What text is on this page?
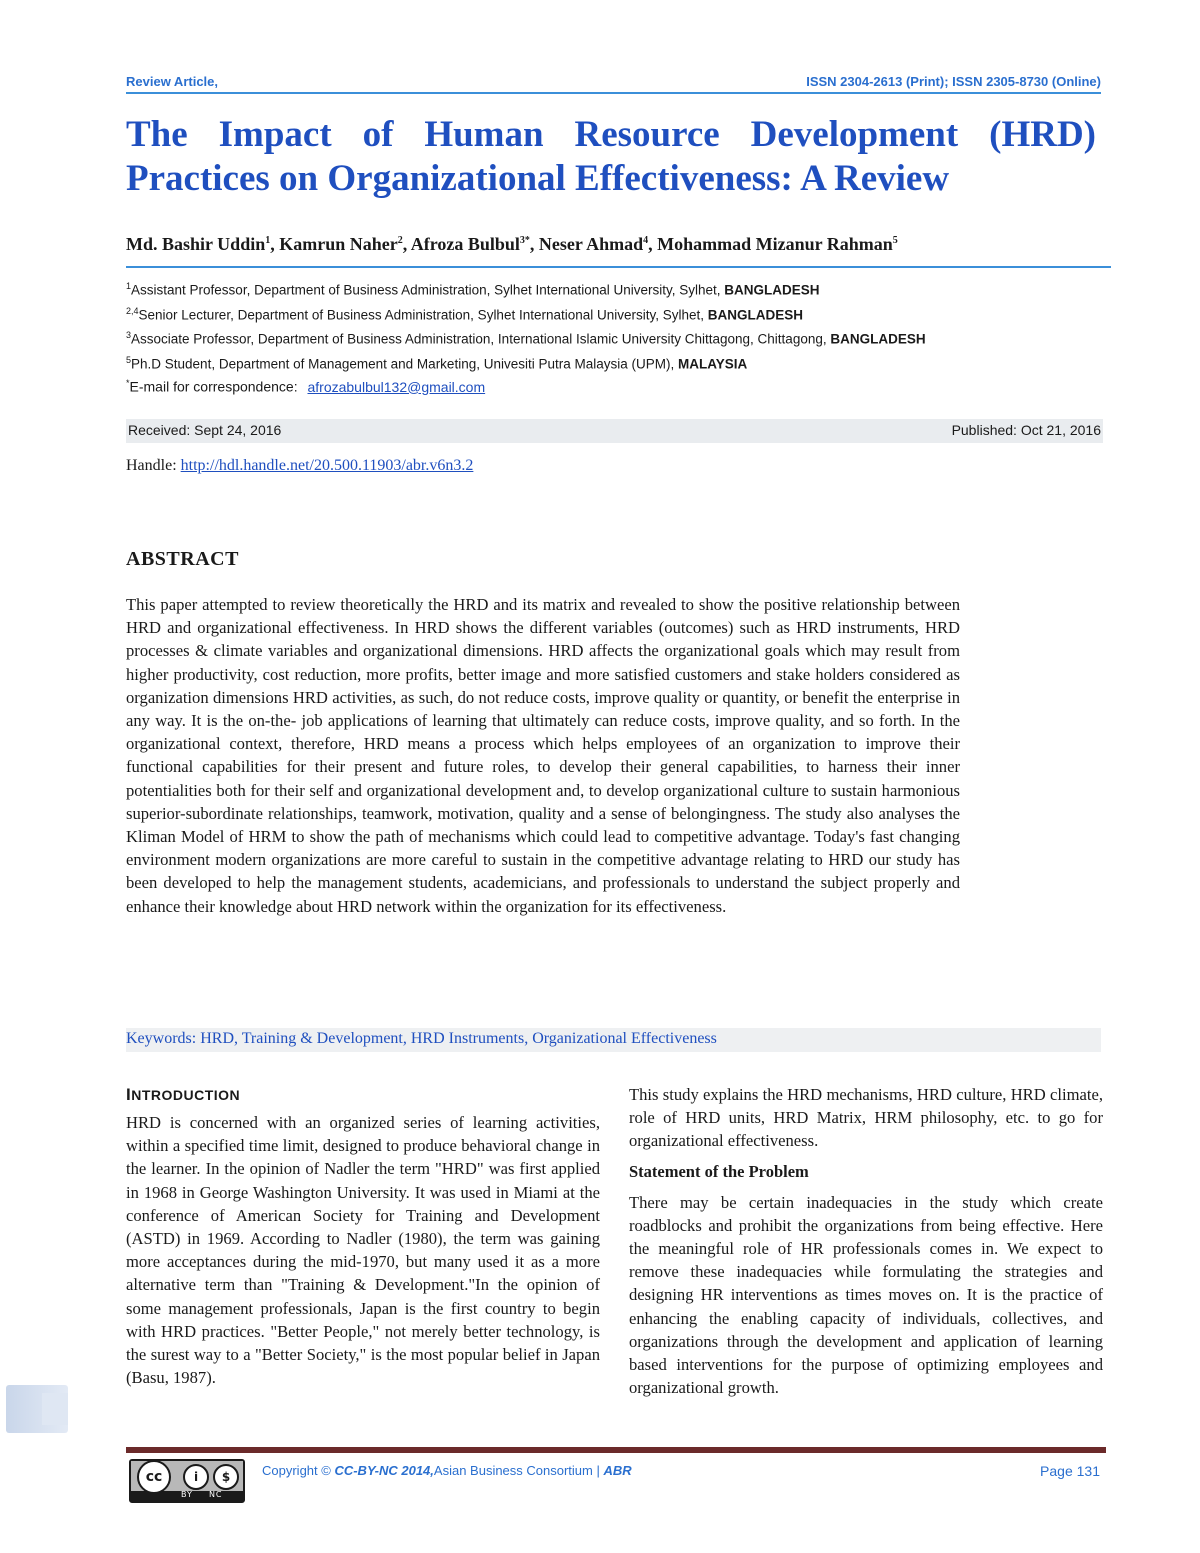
Review Article,	ISSN 2304-2613 (Print); ISSN 2305-8730 (Online)
The Impact of Human Resource Development (HRD)
Practices on Organizational Effectiveness: A Review
Md. Bashir Uddin$^1$, Kamrun Naher$^2$, Afroza Bulbul$^{3*}$, Neser Ahmad$^4$, Mohammad Mizanur Rahman$^5$
$^1$Assistant Professor, Department of Business Administration, Sylhet International University, Sylhet, BANGLADESH
$^{2,4}$Senior Lecturer, Department of Business Administration, Sylhet International University, Sylhet, BANGLADESH
$^3$Associate Professor, Department of Business Administration, International Islamic University Chittagong, Chittagong, BANGLADESH
$^5$Ph.D Student, Department of Management and Marketing, Univesiti Putra Malaysia (UPM), MALAYSIA
*E-mail for correspondence: afrozabulbul132@gmail.com
Received: Sept 24, 2016	Published: Oct 21, 2016
Handle: http://hdl.handle.net/20.500.11903/abr.v6n3.2
ABSTRACT

This paper attempted to review theoretically the HRD and its matrix and revealed to show the positive relationship between HRD and organizational effectiveness. In HRD shows the different variables (outcomes) such as HRD instruments, HRD processes & climate variables and organizational dimensions. HRD affects the organizational goals which may result from higher productivity, cost reduction, more profits, better image and more satisfied customers and stake holders considered as organization dimensions HRD activities, as such, do not reduce costs, improve quality or quantity, or benefit the enterprise in any way. It is the on-the- job applications of learning that ultimately can reduce costs, improve quality, and so forth. In the organizational context, therefore, HRD means a process which helps employees of an organization to improve their functional capabilities for their present and future roles, to develop their general capabilities, to harness their inner potentialities both for their self and organizational development and, to develop organizational culture to sustain harmonious superior-subordinate relationships, teamwork, motivation, quality and a sense of belongingness. The study also analyses the Kliman Model of HRM to show the path of mechanisms which could lead to competitive advantage. Today's fast changing environment modern organizations are more careful to sustain in the competitive advantage relating to HRD our study has been developed to help the management students, academicians, and professionals to understand the subject properly and enhance their knowledge about HRD network within the organization for its effectiveness.

Keywords: HRD, Training & Development, HRD Instruments, Organizational Effectiveness
INTRODUCTION

HRD is concerned with an organized series of learning activities, within a specified time limit, designed to produce behavioral change in the learner. In the opinion of Nadler the term "HRD" was first applied in 1968 in George Washington University. It was used in Miami at the conference of American Society for Training and Development (ASTD) in 1969. According to Nadler (1980), the term was gaining more acceptances during the mid-1970, but many used it as a more alternative term than "Training & Development."In the opinion of some management professionals, Japan is the first country to begin with HRD practices. "Better People," not merely better technology, is the surest way to a "Better Society," is the most popular belief in Japan (Basu, 1987).

This study explains the HRD mechanisms, HRD culture, HRD climate, role of HRD units, HRD Matrix, HRM philosophy, etc. to go for organizational effectiveness.

Statement of the Problem

There may be certain inadequacies in the study which create roadblocks and prohibit the organizations from being effective. Here the meaningful role of HR professionals comes in. We expect to remove these inadequacies while formulating the strategies and designing HR interventions as times moves on. It is the practice of enhancing the enabling capacity of individuals, collectives, and organizations through the development and application of learning based interventions for the purpose of optimizing employees and organizational growth.

cc	i	$
BY NC
Copyright © CC-BY-NC 2014,Asian Business Consortium | ABR	Page 131
